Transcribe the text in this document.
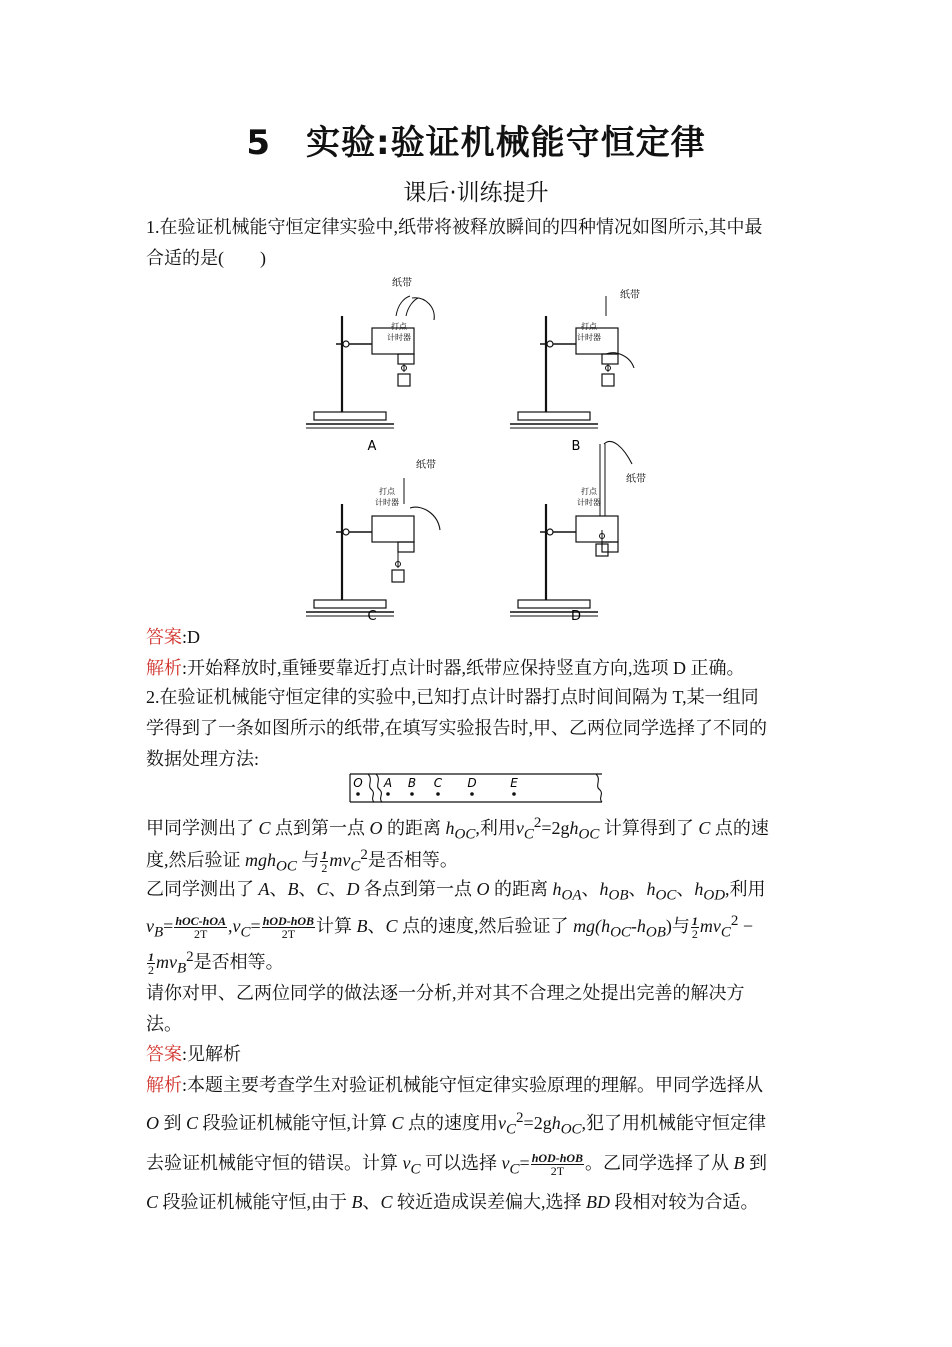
5　实验:验证机械能守恒定律
课后·训练提升
1.在验证机械能守恒定律实验中,纸带将被释放瞬间的四种情况如图所示,其中最
合适的是(　　)
打点
计时器
纸带
A
打点
计时器
纸带
B
打点
计时器
纸带
C
打点
计时器
纸带
D
答案:D
解析:开始释放时,重锤要靠近打点计时器,纸带应保持竖直方向,选项 D 正确。
2.在验证机械能守恒定律的实验中,已知打点计时器打点时间间隔为 T,某一组同
学得到了一条如图所示的纸带,在填写实验报告时,甲、乙两位同学选择了不同的
数据处理方法:
O A B C D	E
甲同学测出了 C 点到第一点 O 的距离 $h_{OC}$,利用$v_C^2=2gh_{OC}$ 计算得到了 C 点的速
度,然后验证 mgh$_{OC}$ 与 $\frac{1}{2} mv_C^2$是否相等。
乙同学测出了 A、B、C、D 各点到第一点 O 的距离 $h_{OA}$、$h_{OB}$、$h_{OC}$、$h_{OD}$,利用
$v_B= \frac{\text{hOC-hOA}}{2T} ,v_C= \frac{\text{hOD-hOB}}{2T}$ 计算 B、C 点的速度,然后验证了 $mg(h_{OC}-h_{OB})$与 $\frac{1}{2} mv_C^2$ −
$\frac{1}{2} mv_B^2$是否相等。
请你对甲、乙两位同学的做法逐一分析,并对其不合理之处提出完善的解决方
法。
答案:见解析
解析:本题主要考查学生对验证机械能守恒定律实验原理的理解。甲同学选择从
O 到 C 段验证机械能守恒,计算 C 点的速度用$v_C^2=2gh_{OC}$,犯了用机械能守恒定律
去验证机械能守恒的错误。计算 $v_C$ 可以选择 $v_C= \frac{\text{hOD-hOB}}{2T}$ 。乙同学选择了从 B 到
C 段验证机械能守恒,由于 B、C 较近造成误差偏大,选择 BD 段相对较为合适。
